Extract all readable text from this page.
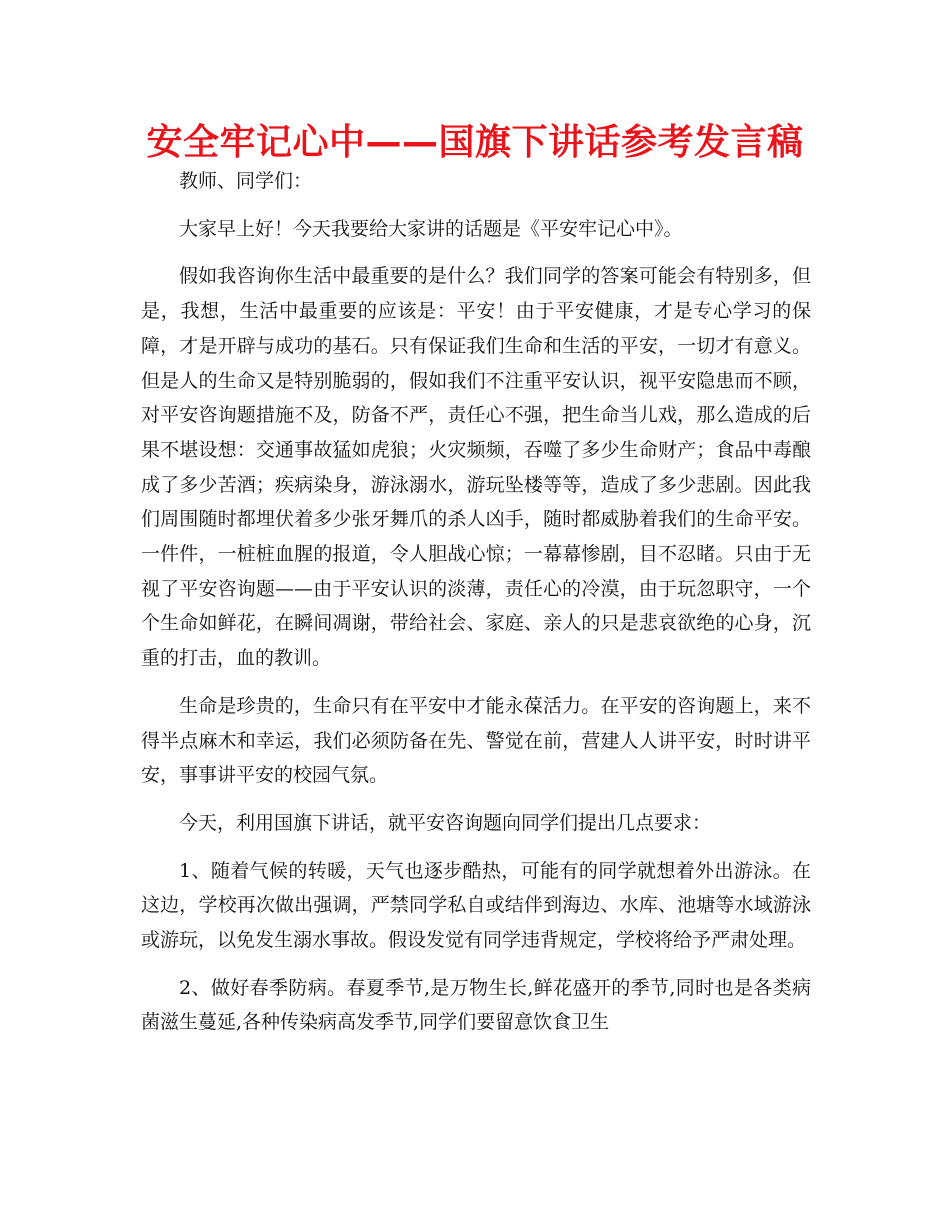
安全牢记心中——国旗下讲话参考发言稿

教师、同学们：

大家早上好！今天我要给大家讲的话题是《平安牢记心中》。

假如我咨询你生活中最重要的是什么？我们同学的答案可能会有特别多，但是，我想，生活中最重要的应该是：平安！由于平安健康，才是专心学习的保障，才是开辟与成功的基石。只有保证我们生命和生活的平安，一切才有意义。但是人的生命又是特别脆弱的，假如我们不注重平安认识，视平安隐患而不顾，对平安咨询题措施不及，防备不严，责任心不强，把生命当儿戏，那么造成的后果不堪设想：交通事故猛如虎狼；火灾频频，吞噬了多少生命财产；食品中毒酿成了多少苦酒；疾病染身，游泳溺水，游玩坠楼等等，造成了多少悲剧。因此我们周围随时都埋伏着多少张牙舞爪的杀人凶手，随时都威胁着我们的生命平安。一件件，一桩桩血腥的报道，令人胆战心惊；一幕幕惨剧，目不忍睹。只由于无视了平安咨询题——由于平安认识的淡薄，责任心的冷漠，由于玩忽职守，一个个生命如鲜花，在瞬间凋谢，带给社会、家庭、亲人的只是悲哀欲绝的心身，沉重的打击，血的教训。

生命是珍贵的，生命只有在平安中才能永葆活力。在平安的咨询题上，来不得半点麻木和幸运，我们必须防备在先、警觉在前，营建人人讲平安，时时讲平安，事事讲平安的校园气氛。

今天，利用国旗下讲话，就平安咨询题向同学们提出几点要求：

1、随着气候的转暖，天气也逐步酷热，可能有的同学就想着外出游泳。在这边，学校再次做出强调，严禁同学私自或结伴到海边、水库、池塘等水域游泳或游玩，以免发生溺水事故。假设发觉有同学违背规定，学校将给予严肃处理。

2、做好春季防病。春夏季节,是万物生长,鲜花盛开的季节,同时也是各类病菌滋生蔓延,各种传染病高发季节,同学们要留意饮食卫生
